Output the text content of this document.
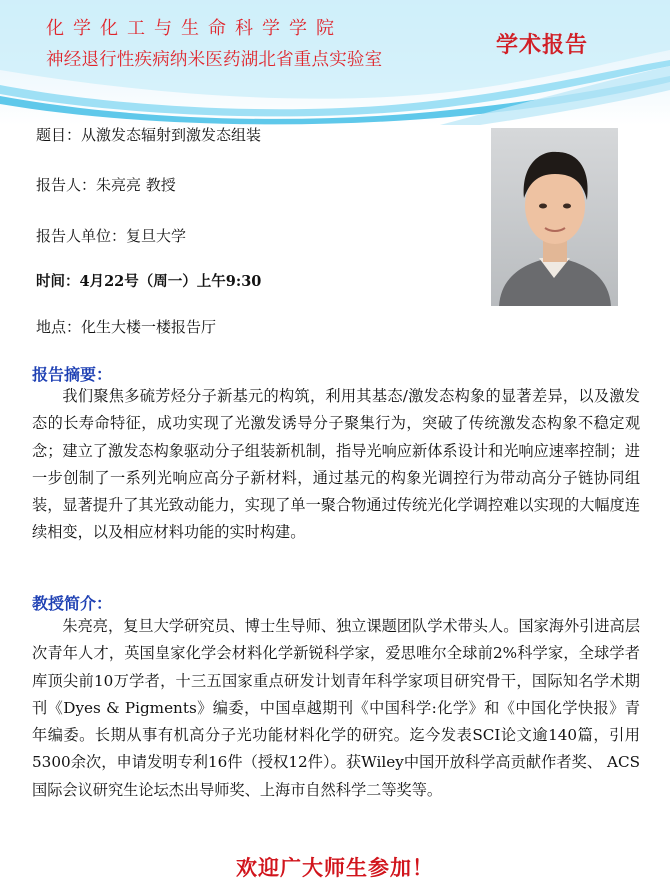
化学化工与生命科学学院

神经退行性疾病纳米医药湖北省重点实验室

学术报告

题目：从激发态辐射到激发态组装

报告人：朱亮亮 教授

报告人单位：复旦大学

时间：4月22号（周一）上午9:30

地点：化生大楼一楼报告厅

报告摘要：

我们聚焦多硫芳烃分子新基元的构筑，利用其基态/激发态构象的显著差异，以及激发态的长寿命特征，成功实现了光激发诱导分子聚集行为，突破了传统激发态构象不稳定观念；建立了激发态构象驱动分子组装新机制，指导光响应新体系设计和光响应速率控制；进一步创制了一系列光响应高分子新材料，通过基元的构象光调控行为带动高分子链协同组装，显著提升了其光致动能力，实现了单一聚合物通过传统光化学调控难以实现的大幅度连续相变，以及相应材料功能的实时构建。

教授简介：

朱亮亮，复旦大学研究员、博士生导师、独立课题团队学术带头人。国家海外引进高层次青年人才，英国皇家化学会材料化学新锐科学家，爱思唯尔全球前2%科学家，全球学者库顶尖前10万学者，十三五国家重点研发计划青年科学家项目研究骨干，国际知名学术期刊《Dyes & Pigments》编委，中国卓越期刊《中国科学:化学》和《中国化学快报》青年编委。长期从事有机高分子光功能材料化学的研究。迄今发表SCI论文逾140篇，引用5300余次，申请发明专利16件（授权12件）。获Wiley中国开放科学高贡献作者奖、 ACS国际会议研究生论坛杰出导师奖、上海市自然科学二等奖等。

欢迎广大师生参加！
